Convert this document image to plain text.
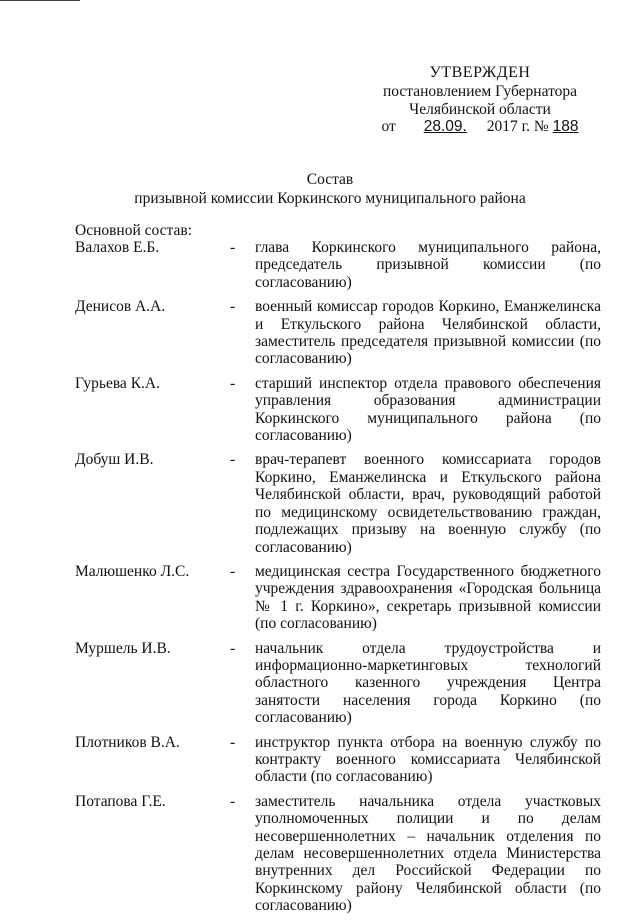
УТВЕРЖДЕН
постановлением Губернатора
Челябинской области
от 28.09. 2017 г. № 188
Состав
призывной комиссии Коркинского муниципального района
Основной состав:
Валахов Е.Б.	-	глава Коркинского муниципального района, председатель призывной комиссии (по согласованию)
Денисов А.А.	-	военный комиссар городов Коркино, Еманжелинска и Еткульского района Челябинской области, заместитель председателя призывной комиссии (по согласованию)
Гурьева К.А.	-	старший инспектор отдела правового обеспечения управления образования администрации Коркинского муниципального района (по согласованию)
Добуш И.В.	-	врач-терапевт военного комиссариата городов Коркино, Еманжелинска и Еткульского района Челябинской области, врач, руководящий работой по медицинскому освидетельствованию граждан, подлежащих призыву на военную службу (по согласованию)
Малюшенко Л.С.	-	медицинская сестра Государственного бюджетного учреждения здравоохранения «Городская больница № 1 г. Коркино», секретарь призывной комиссии (по согласованию)
Муршель И.В.	-	начальник отдела трудоустройства и информационно-маркетинговых технологий областного казенного учреждения Центра занятости населения города Коркино (по согласованию)
Плотников В.А.	-	инструктор пункта отбора на военную службу по контракту военного комиссариата Челябинской области (по согласованию)
Потапова Г.Е.	-	заместитель начальника отдела участковых уполномоченных полиции и по делам несовершеннолетних – начальник отделения по делам несовершеннолетних отдела Министерства внутренних дел Российской Федерации по Коркинскому району Челябинской области (по согласованию)
